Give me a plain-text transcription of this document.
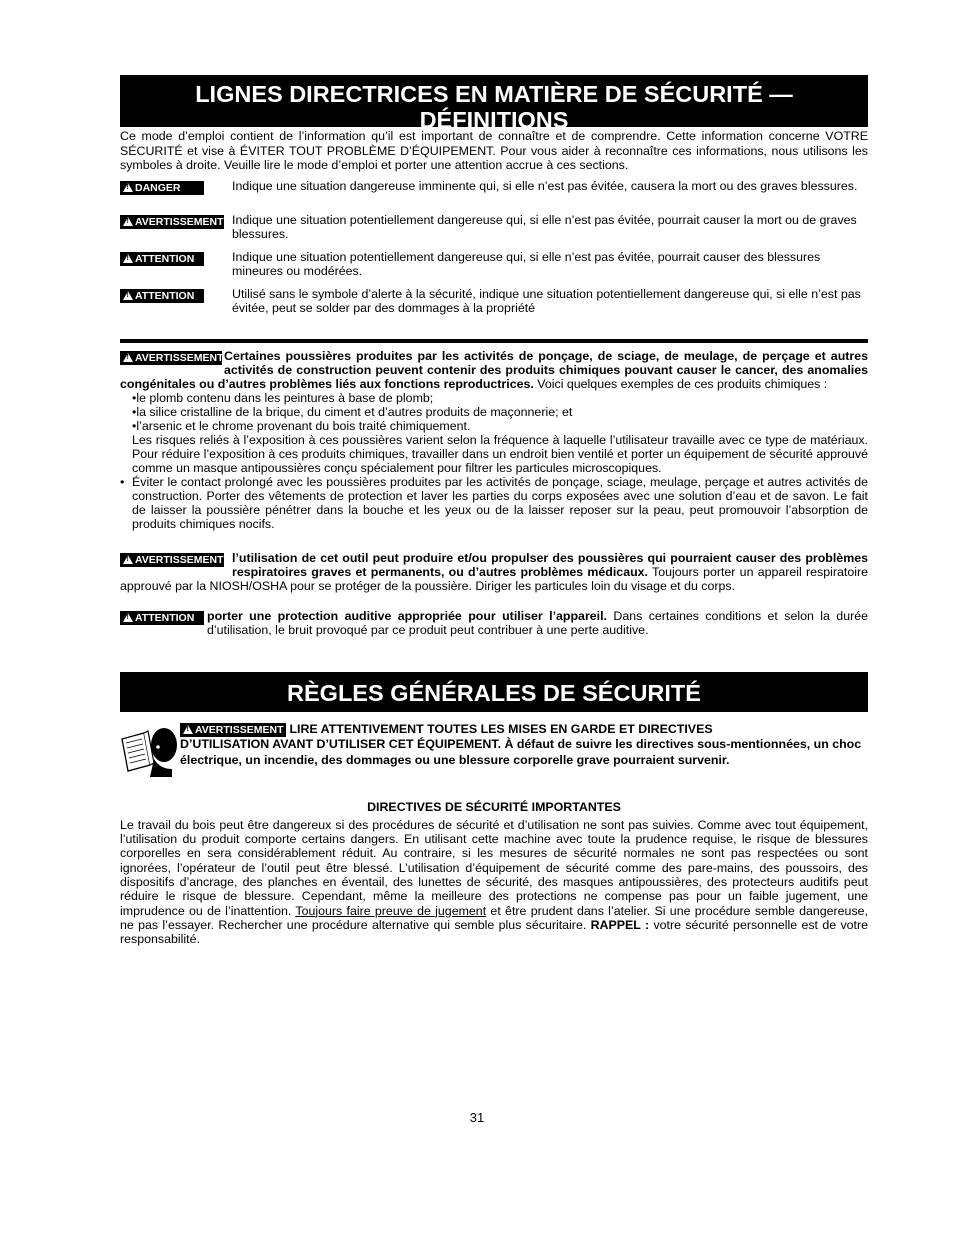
LIGNES DIRECTRICES EN MATIÈRE DE SÉCURITÉ — DÉFINITIONS

Ce mode d’emploi contient de l’information qu’il est important de connaître et de comprendre. Cette information concerne VOTRE SÉCURITÉ et vise à ÉVITER TOUT PROBLÈME D’ÉQUIPEMENT. Pour vous aider à reconnaître ces informations, nous utilisons les symboles à droite. Veuille lire le mode d’emploi et porter une attention accrue à ces sections.

!DANGER	Indique une situation dangereuse imminente qui, si elle n’est pas évitée, causera la mort ou des graves blessures.
!AVERTISSEMENT Indique une situation potentiellement dangereuse qui, si elle n’est pas évitée, pourrait causer la mort ou de graves blessures.
!ATTENTION	Indique une situation potentiellement dangereuse qui, si elle n’est pas évitée, pourrait causer des blessures mineures ou modérées.
!ATTENTION	Utilisé sans le symbole d’alerte à la sécurité, indique une situation potentiellement dangereuse qui, si elle n’est pas évitée, peut se solder par des dommages à la propriété
!AVERTISSEMENT Certaines poussières produites par les activités de ponçage, de sciage, de meulage, de perçage et autres activités de construction peuvent contenir des produits chimiques pouvant causer le cancer, des anomalies congénitales ou d’autres problèmes liés aux fonctions reproductrices. Voici quelques exemples de ces produits chimiques :
•le plomb contenu dans les peintures à base de plomb;
•la silice cristalline de la brique, du ciment et d’autres produits de maçonnerie; et
•l’arsenic et le chrome provenant du bois traité chimiquement.
Les risques reliés à l’exposition à ces poussières varient selon la fréquence à laquelle l’utilisateur travaille avec ce type de matériaux. Pour réduire l’exposition à ces produits chimiques, travailler dans un endroit bien ventilé et porter un équipement de sécurité approuvé comme un masque antipoussières conçu spécialement pour filtrer les particules microscopiques.
• Éviter le contact prolongé avec les poussières produites par les activités de ponçage, sciage, meulage, perçage et autres activités de construction. Porter des vêtements de protection et laver les parties du corps exposées avec une solution d’eau et de savon. Le fait de laisser la poussière pénétrer dans la bouche et les yeux ou de la laisser reposer sur la peau, peut promouvoir l’absorption de produits chimiques nocifs.
!AVERTISSEMENT l’utilisation de cet outil peut produire et/ou propulser des poussières qui pourraient causer des problèmes respiratoires graves et permanents, ou d’autres problèmes médicaux. Toujours porter un appareil respiratoire approuvé par la NIOSH/OSHA pour se protéger de la poussière. Diriger les particules loin du visage et du corps.
!ATTENTION	porter une protection auditive appropriée pour utiliser l’appareil. Dans certaines conditions et selon la durée d’utilisation, le bruit provoqué par ce produit peut contribuer à une perte auditive.
RÈGLES GÉNÉRALES DE SÉCURITÉ
!AVERTISSEMENT LIRE ATTENTIVEMENT TOUTES LES MISES EN GARDE ET DIRECTIVES
D’UTILISATION AVANT D’UTILISER CET ÉQUIPEMENT. À défaut de suivre les directives sous-mentionnées, un choc électrique, un incendie, des dommages ou une blessure corporelle grave pourraient survenir.
DIRECTIVES DE SÉCURITÉ IMPORTANTES

Le travail du bois peut être dangereux si des procédures de sécurité et d’utilisation ne sont pas suivies. Comme avec tout équipement, l’utilisation du produit comporte certains dangers. En utilisant cette machine avec toute la prudence requise, le risque de blessures corporelles en sera considérablement réduit. Au contraire, si les mesures de sécurité normales ne sont pas respectées ou sont ignorées, l’opérateur de l’outil peut être blessé. L’utilisation d’équipement de sécurité comme des pare-mains, des poussoirs, des dispositifs d’ancrage, des planches en éventail, des lunettes de sécurité, des masques antipoussières, des protecteurs auditifs peut réduire le risque de blessure. Cependant, même la meilleure des protections ne compense pas pour un faible jugement, une imprudence ou de l’inattention. Toujours faire preuve de jugement et être prudent dans l’atelier. Si une procédure semble dangereuse, ne pas l’essayer. Rechercher une procédure alternative qui semble plus sécuritaire. RAPPEL : votre sécurité personnelle est de votre responsabilité.

31
